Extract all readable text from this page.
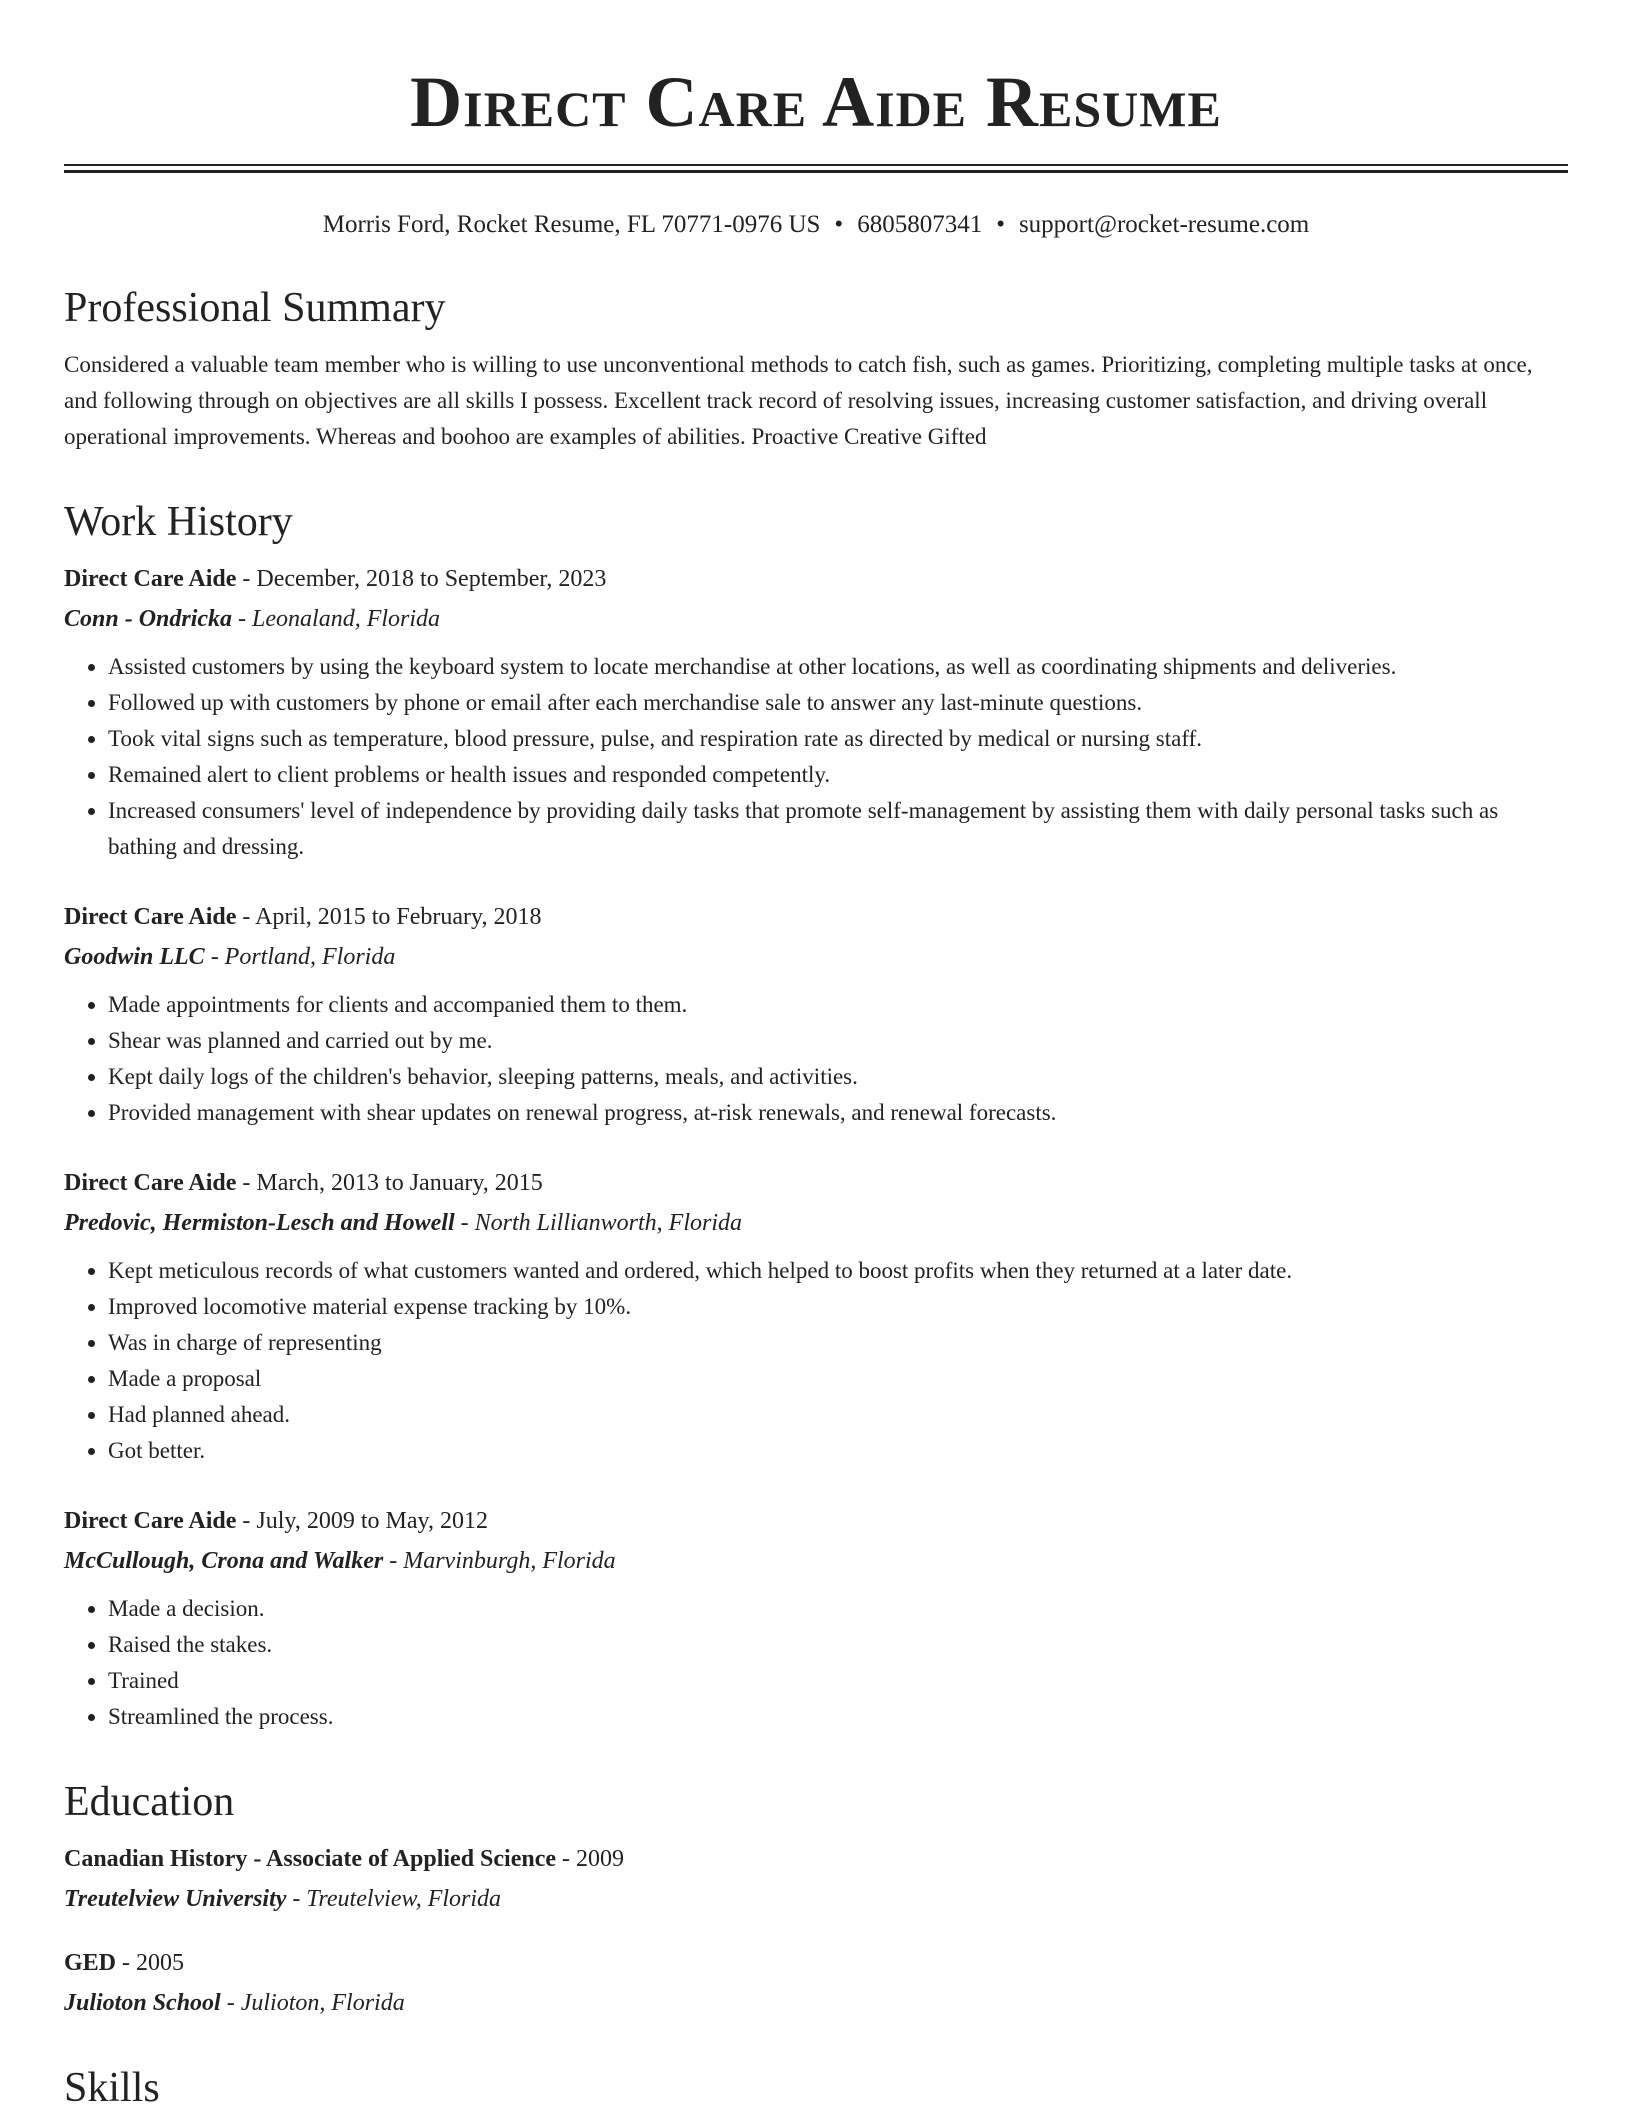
Direct Care Aide Resume
Morris Ford, Rocket Resume, FL 70771-0976 US • 6805807341 • support@rocket-resume.com
Professional Summary
Considered a valuable team member who is willing to use unconventional methods to catch fish, such as games. Prioritizing, completing multiple tasks at once, and following through on objectives are all skills I possess. Excellent track record of resolving issues, increasing customer satisfaction, and driving overall operational improvements. Whereas and boohoo are examples of abilities. Proactive Creative Gifted
Work History
Direct Care Aide - December, 2018 to September, 2023
Conn - Ondricka - Leonaland, Florida
• Assisted customers by using the keyboard system to locate merchandise at other locations, as well as coordinating shipments and deliveries.
• Followed up with customers by phone or email after each merchandise sale to answer any last-minute questions.
• Took vital signs such as temperature, blood pressure, pulse, and respiration rate as directed by medical or nursing staff.
• Remained alert to client problems or health issues and responded competently.
• Increased consumers' level of independence by providing daily tasks that promote self-management by assisting them with daily personal tasks such as bathing and dressing.
Direct Care Aide - April, 2015 to February, 2018
Goodwin LLC - Portland, Florida
• Made appointments for clients and accompanied them to them.
• Shear was planned and carried out by me.
• Kept daily logs of the children's behavior, sleeping patterns, meals, and activities.
• Provided management with shear updates on renewal progress, at-risk renewals, and renewal forecasts.
Direct Care Aide - March, 2013 to January, 2015
Predovic, Hermiston-Lesch and Howell - North Lillianworth, Florida
• Kept meticulous records of what customers wanted and ordered, which helped to boost profits when they returned at a later date.
• Improved locomotive material expense tracking by 10%.
• Was in charge of representing
• Made a proposal
• Had planned ahead.
• Got better.
Direct Care Aide - July, 2009 to May, 2012
McCullough, Crona and Walker - Marvinburgh, Florida
• Made a decision.
• Raised the stakes.
• Trained
• Streamlined the process.
Education
Canadian History - Associate of Applied Science - 2009
Treutelview University - Treutelview, Florida
GED - 2005
Julioton School - Julioton, Florida
Skills
